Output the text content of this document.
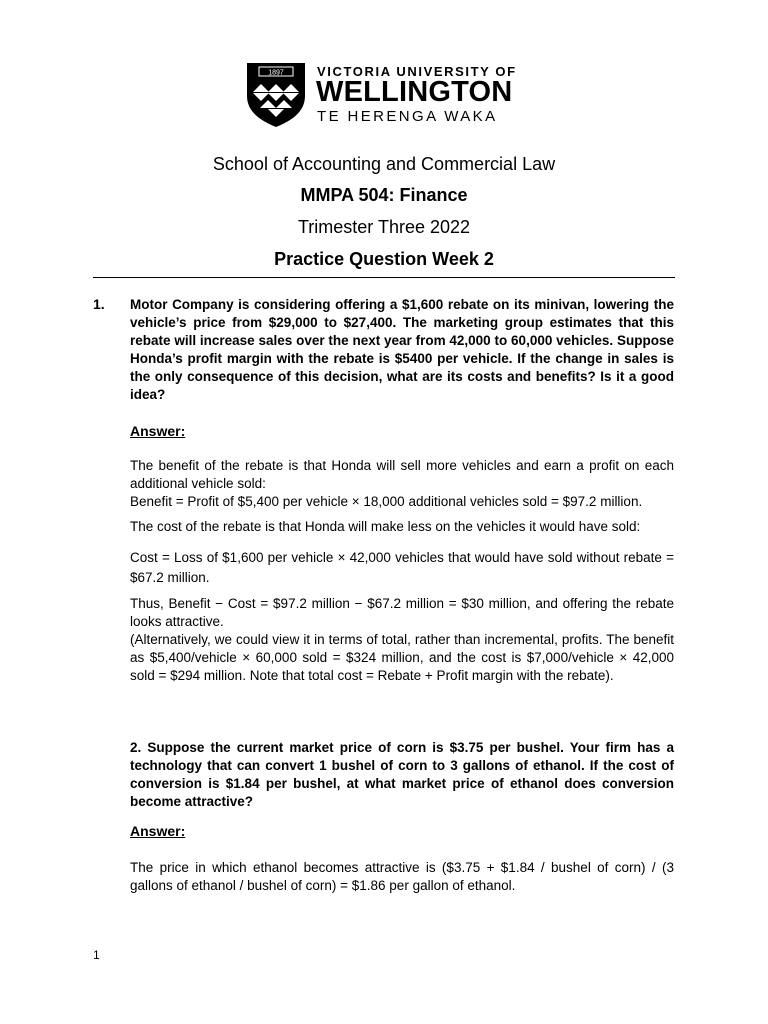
1897	VICTORIA UNIVERSITY OF
WELLINGTON
TE HERENGA WAKA
School of Accounting and Commercial Law
MMPA 504: Finance
Trimester Three 2022
Practice Question Week 2
1. Motor Company is considering offering a $1,600 rebate on its minivan, lowering the vehicle’s price from $29,000 to $27,400. The marketing group estimates that this rebate will increase sales over the next year from 42,000 to 60,000 vehicles. Suppose Honda’s profit margin with the rebate is $5400 per vehicle. If the change in sales is the only consequence of this decision, what are its costs and benefits? Is it a good idea?
Answer:
The benefit of the rebate is that Honda will sell more vehicles and earn a profit on each additional vehicle sold:
Benefit = Profit of $5,400 per vehicle × 18,000 additional vehicles sold = $97.2 million.
The cost of the rebate is that Honda will make less on the vehicles it would have sold:
Cost = Loss of $1,600 per vehicle × 42,000 vehicles that would have sold without rebate = $67.2 million.
Thus, Benefit − Cost = $97.2 million − $67.2 million = $30 million, and offering the rebate looks attractive.
(Alternatively, we could view it in terms of total, rather than incremental, profits. The benefit as $5,400/vehicle × 60,000 sold = $324 million, and the cost is $7,000/vehicle × 42,000 sold = $294 million. Note that total cost = Rebate + Profit margin with the rebate).
2. Suppose the current market price of corn is $3.75 per bushel. Your firm has a technology that can convert 1 bushel of corn to 3 gallons of ethanol. If the cost of conversion is $1.84 per bushel, at what market price of ethanol does conversion become attractive?
Answer:
The price in which ethanol becomes attractive is ($3.75 + $1.84 / bushel of corn) / (3 gallons of ethanol / bushel of corn) = $1.86 per gallon of ethanol.
1
